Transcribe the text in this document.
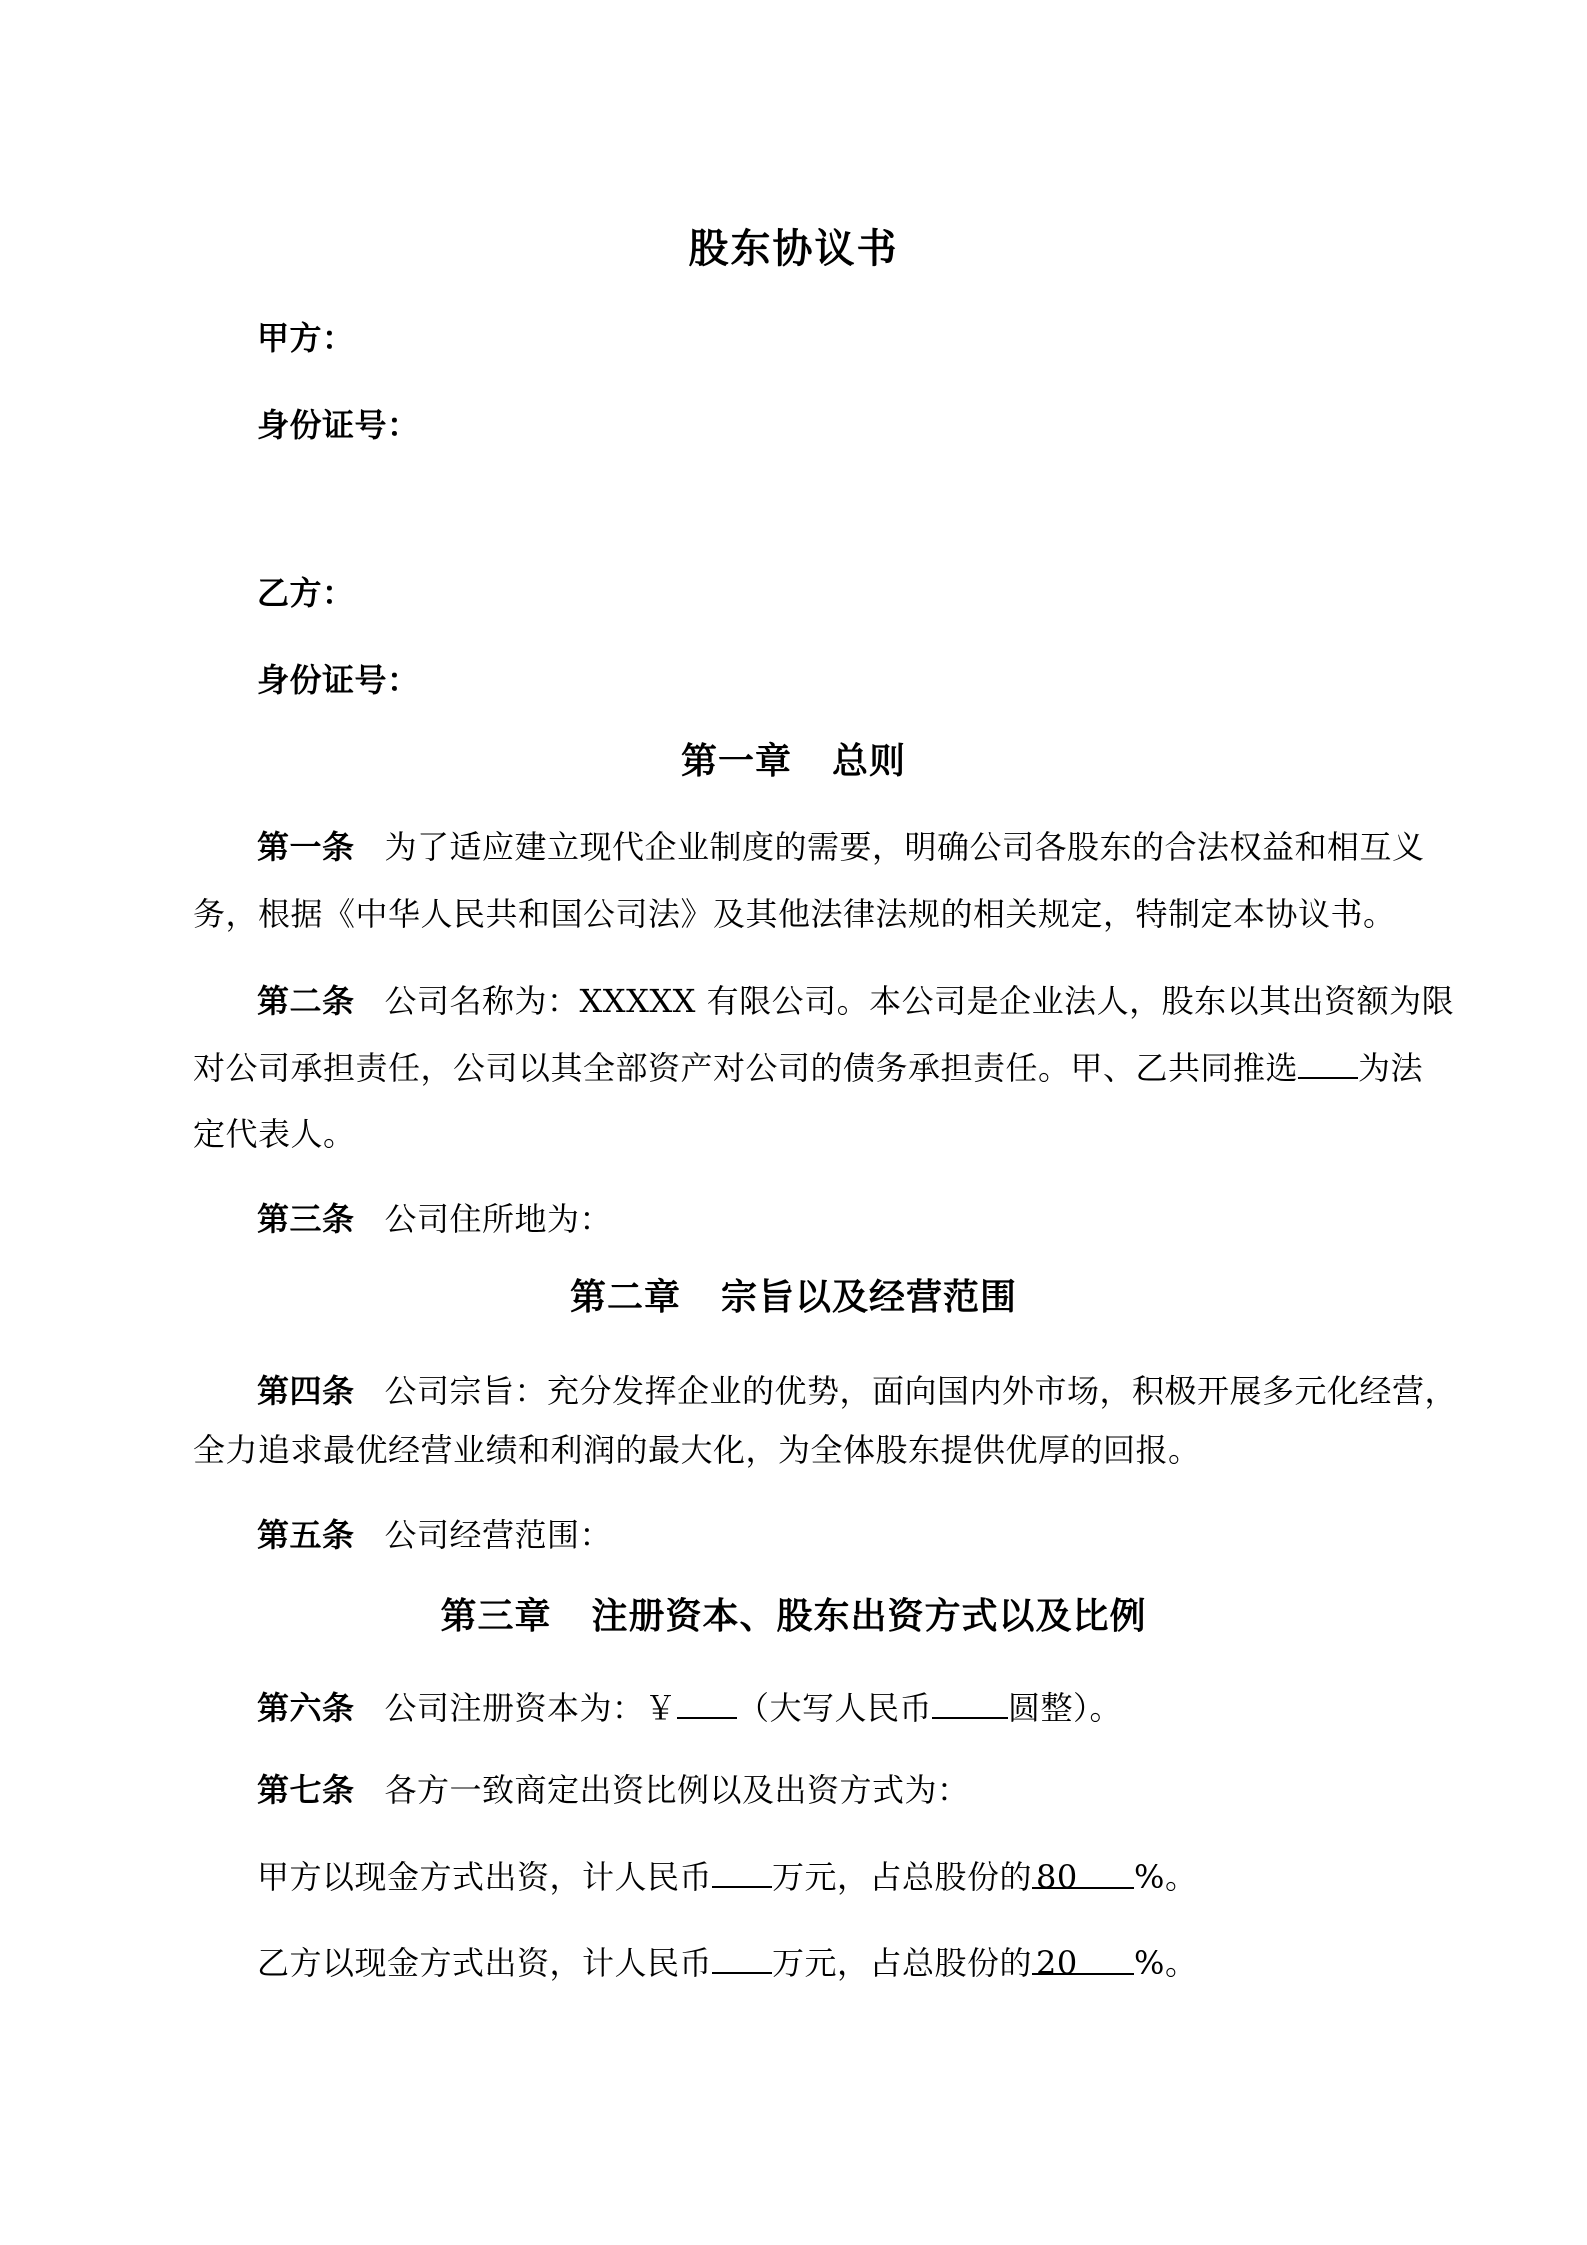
股东协议书
甲方：
身份证号：
乙方：
身份证号：
第一章 总则
第一条 为了适应建立现代企业制度的需要，明确公司各股东的合法权益和相互义
务，根据《中华人民共和国公司法》及其他法律法规的相关规定，特制定本协议书。
第二条 公司名称为：XXXXX 有限公司。本公司是企业法人，股东以其出资额为限
对公司承担责任，公司以其全部资产对公司的债务承担责任。甲、乙共同推选 为法
定代表人。
第三条 公司住所地为：
第二章 宗旨以及经营范围
第四条 公司宗旨：充分发挥企业的优势，面向国内外市场，积极开展多元化经营，
全力追求最优经营业绩和利润的最大化，为全体股东提供优厚的回报。
第五条 公司经营范围：
第三章 注册资本、股东出资方式以及比例
第六条 公司注册资本为：￥ （大写人民币 圆整）。
第七条 各方一致商定出资比例以及出资方式为：
甲方以现金方式出资，计人民币 万元，占总股份的 80 %。
乙方以现金方式出资，计人民币 万元，占总股份的 20 %。
